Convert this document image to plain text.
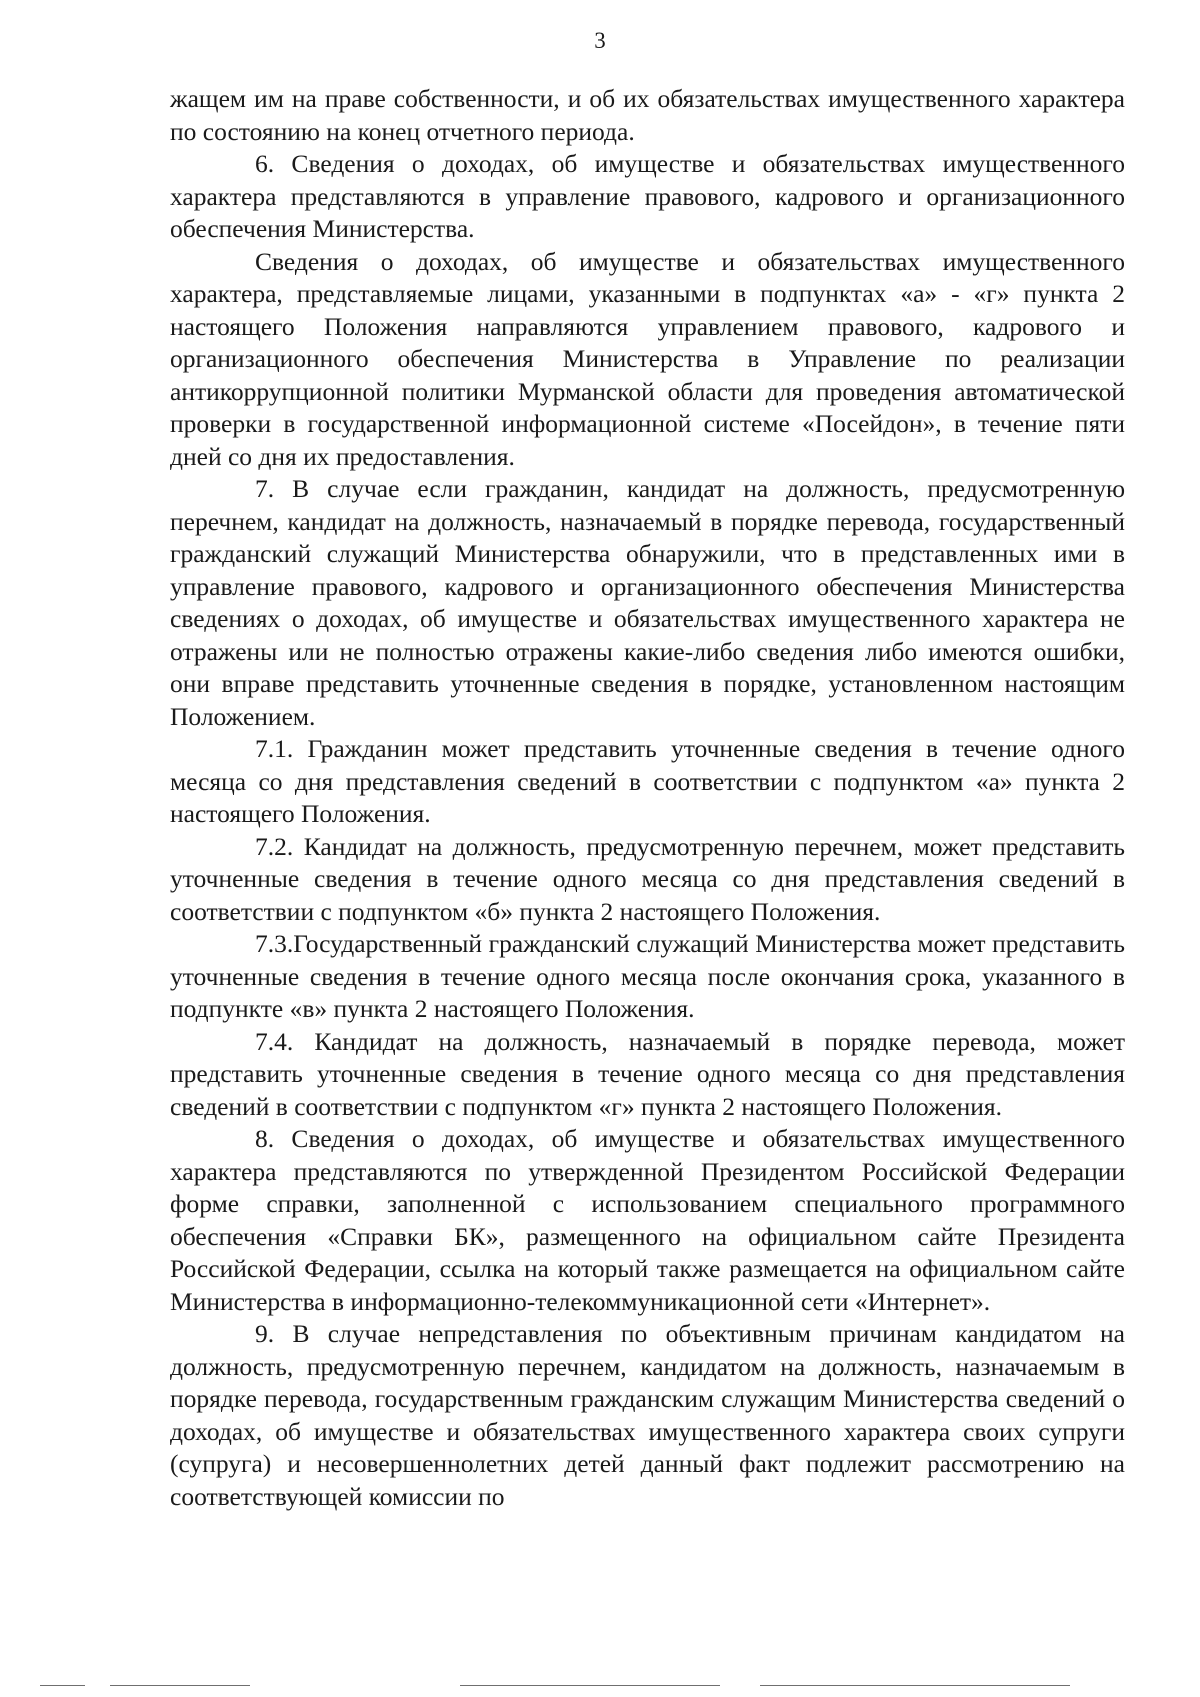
3

жащем им на праве собственности, и об их обязательствах имущественного характера по состоянию на конец отчетного периода.

6. Сведения о доходах, об имуществе и обязательствах имущественного характера представляются в управление правового, кадрового и организационного обеспечения Министерства.

Сведения о доходах, об имуществе и обязательствах имущественного характера, представляемые лицами, указанными в подпунктах «а» - «г» пункта 2 настоящего Положения направляются управлением правового, кадрового и организационного обеспечения Министерства в Управление по реализации антикоррупционной политики Мурманской области для проведения автоматической проверки в государственной информационной системе «Посейдон», в течение пяти дней со дня их предоставления.

7. В случае если гражданин, кандидат на должность, предусмотренную перечнем, кандидат на должность, назначаемый в порядке перевода, государственный гражданский служащий Министерства обнаружили, что в представленных ими в управление правового, кадрового и организационного обеспечения Министерства сведениях о доходах, об имуществе и обязательствах имущественного характера не отражены или не полностью отражены какие-либо сведения либо имеются ошибки, они вправе представить уточненные сведения в порядке, установленном настоящим Положением.

7.1. Гражданин может представить уточненные сведения в течение одного месяца со дня представления сведений в соответствии с подпунктом «а» пункта 2 настоящего Положения.

7.2. Кандидат на должность, предусмотренную перечнем, может представить уточненные сведения в течение одного месяца со дня представления сведений в соответствии с подпунктом «б» пункта 2 настоящего Положения.

7.3.Государственный гражданский служащий Министерства может представить уточненные сведения в течение одного месяца после окончания срока, указанного в подпункте «в» пункта 2 настоящего Положения.

7.4. Кандидат на должность, назначаемый в порядке перевода, может представить уточненные сведения в течение одного месяца со дня представления сведений в соответствии с подпунктом «г» пункта 2 настоящего Положения.

8. Сведения о доходах, об имуществе и обязательствах имущественного характера представляются по утвержденной Президентом Российской Федерации форме справки, заполненной с использованием специального программного обеспечения «Справки БК», размещенного на официальном сайте Президента Российской Федерации, ссылка на который также размещается на официальном сайте Министерства в информационно-телекоммуникационной сети «Интернет».

9. В случае непредставления по объективным причинам кандидатом на должность, предусмотренную перечнем, кандидатом на должность, назначаемым в порядке перевода, государственным гражданским служащим Министерства сведений о доходах, об имуществе и обязательствах имущественного характера своих супруги (супруга) и несовершеннолетних детей данный факт подлежит рассмотрению на соответствующей комиссии по
